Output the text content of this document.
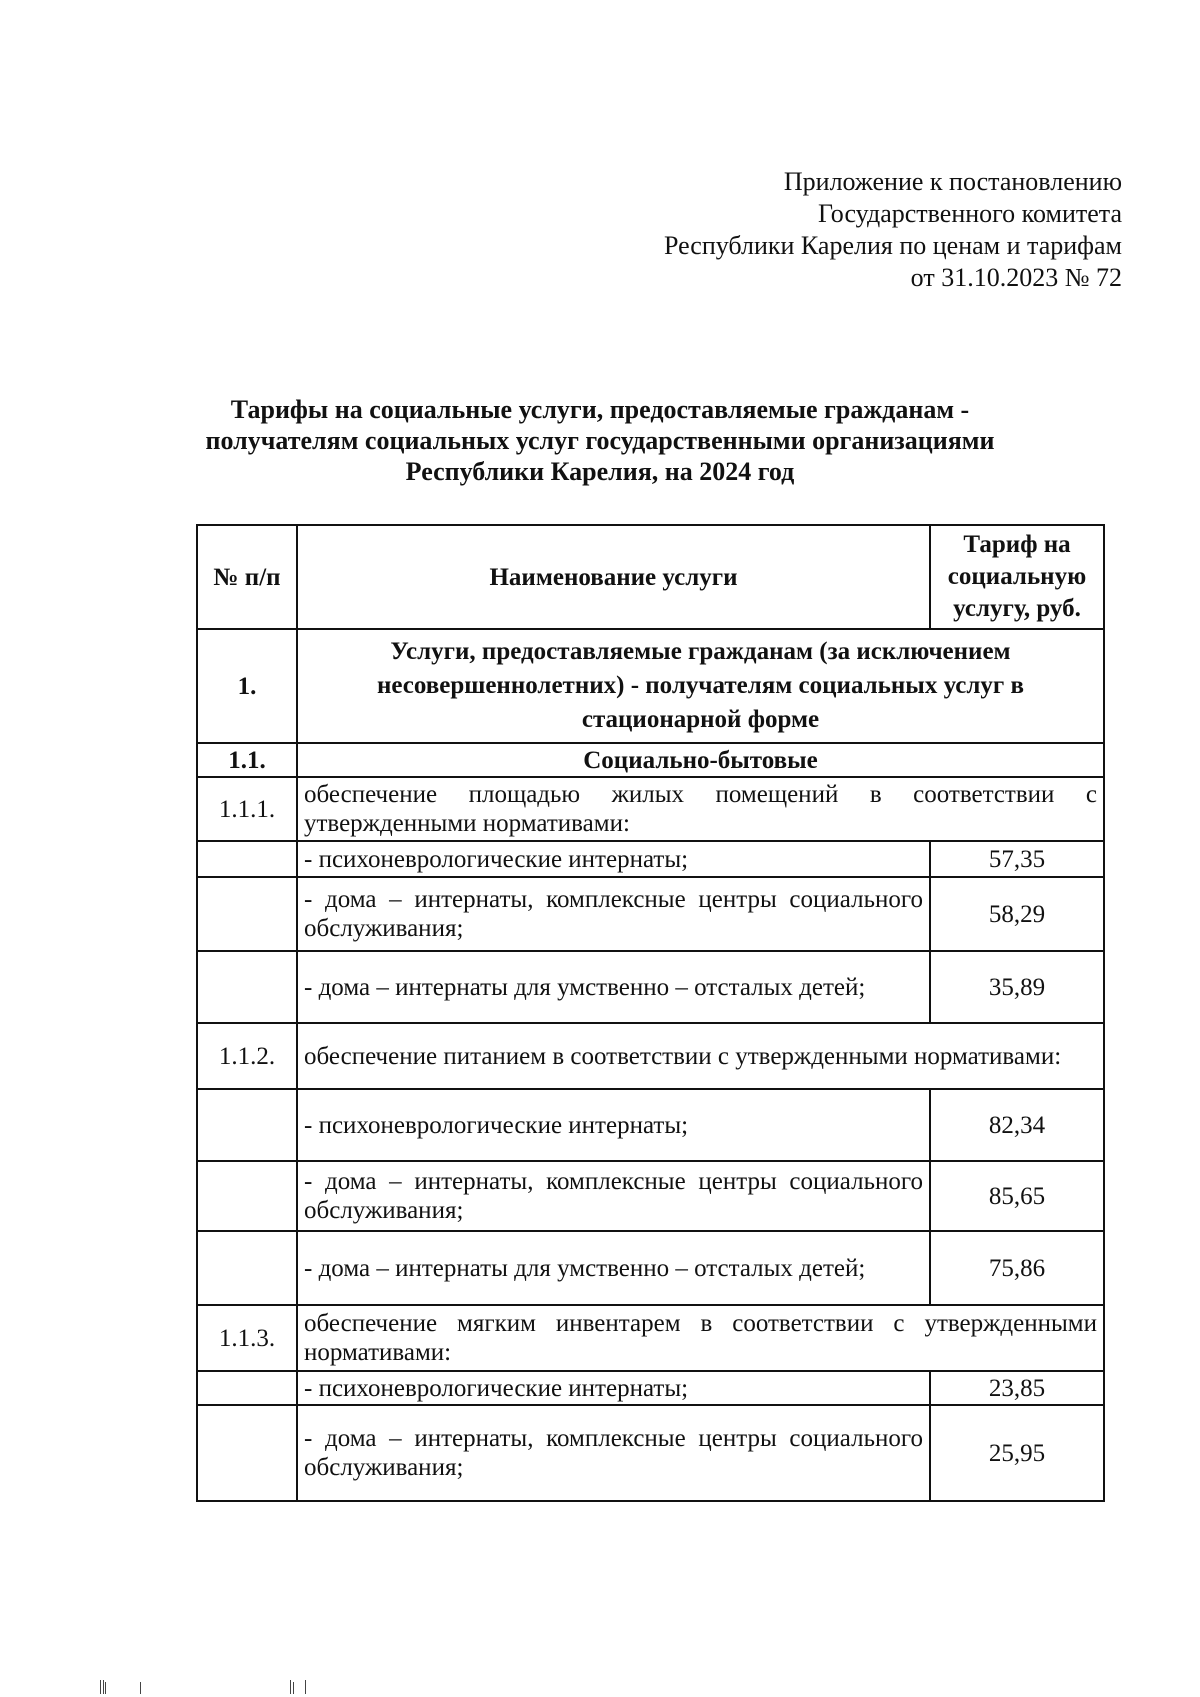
Приложение к постановлению
Государственного комитета
Республики Карелия по ценам и тарифам
от 31.10.2023 № 72
Тарифы на социальные услуги, предоставляемые гражданам -
получателям социальных услуг государственными организациями
Республики Карелия, на 2024 год
№ п/п	Наименование услуги	Тариф на социальную услугу, руб.
1.	Услуги, предоставляемые гражданам (за исключением несовершеннолетних) - получателям социальных услуг в стационарной форме	
1.1.	Социально-бытовые	
1.1.1.	обеспечение площадью жилых помещений в соответствии с утвержденными нормативами:	
	- психоневрологические интернаты;	57,35
	- дома – интернаты, комплексные центры социального обслуживания;	58,29
	- дома – интернаты для умственно – отсталых детей;	35,89
1.1.2.	обеспечение питанием в соответствии с утвержденными нормативами:	
	- психоневрологические интернаты;	82,34
	- дома – интернаты, комплексные центры социального обслуживания;	85,65
	- дома – интернаты для умственно – отсталых детей;	75,86
1.1.3.	обеспечение мягким инвентарем в соответствии с утвержденными нормативами:	
	- психоневрологические интернаты;	23,85
	- дома – интернаты, комплексные центры социального обслуживания;	25,95
